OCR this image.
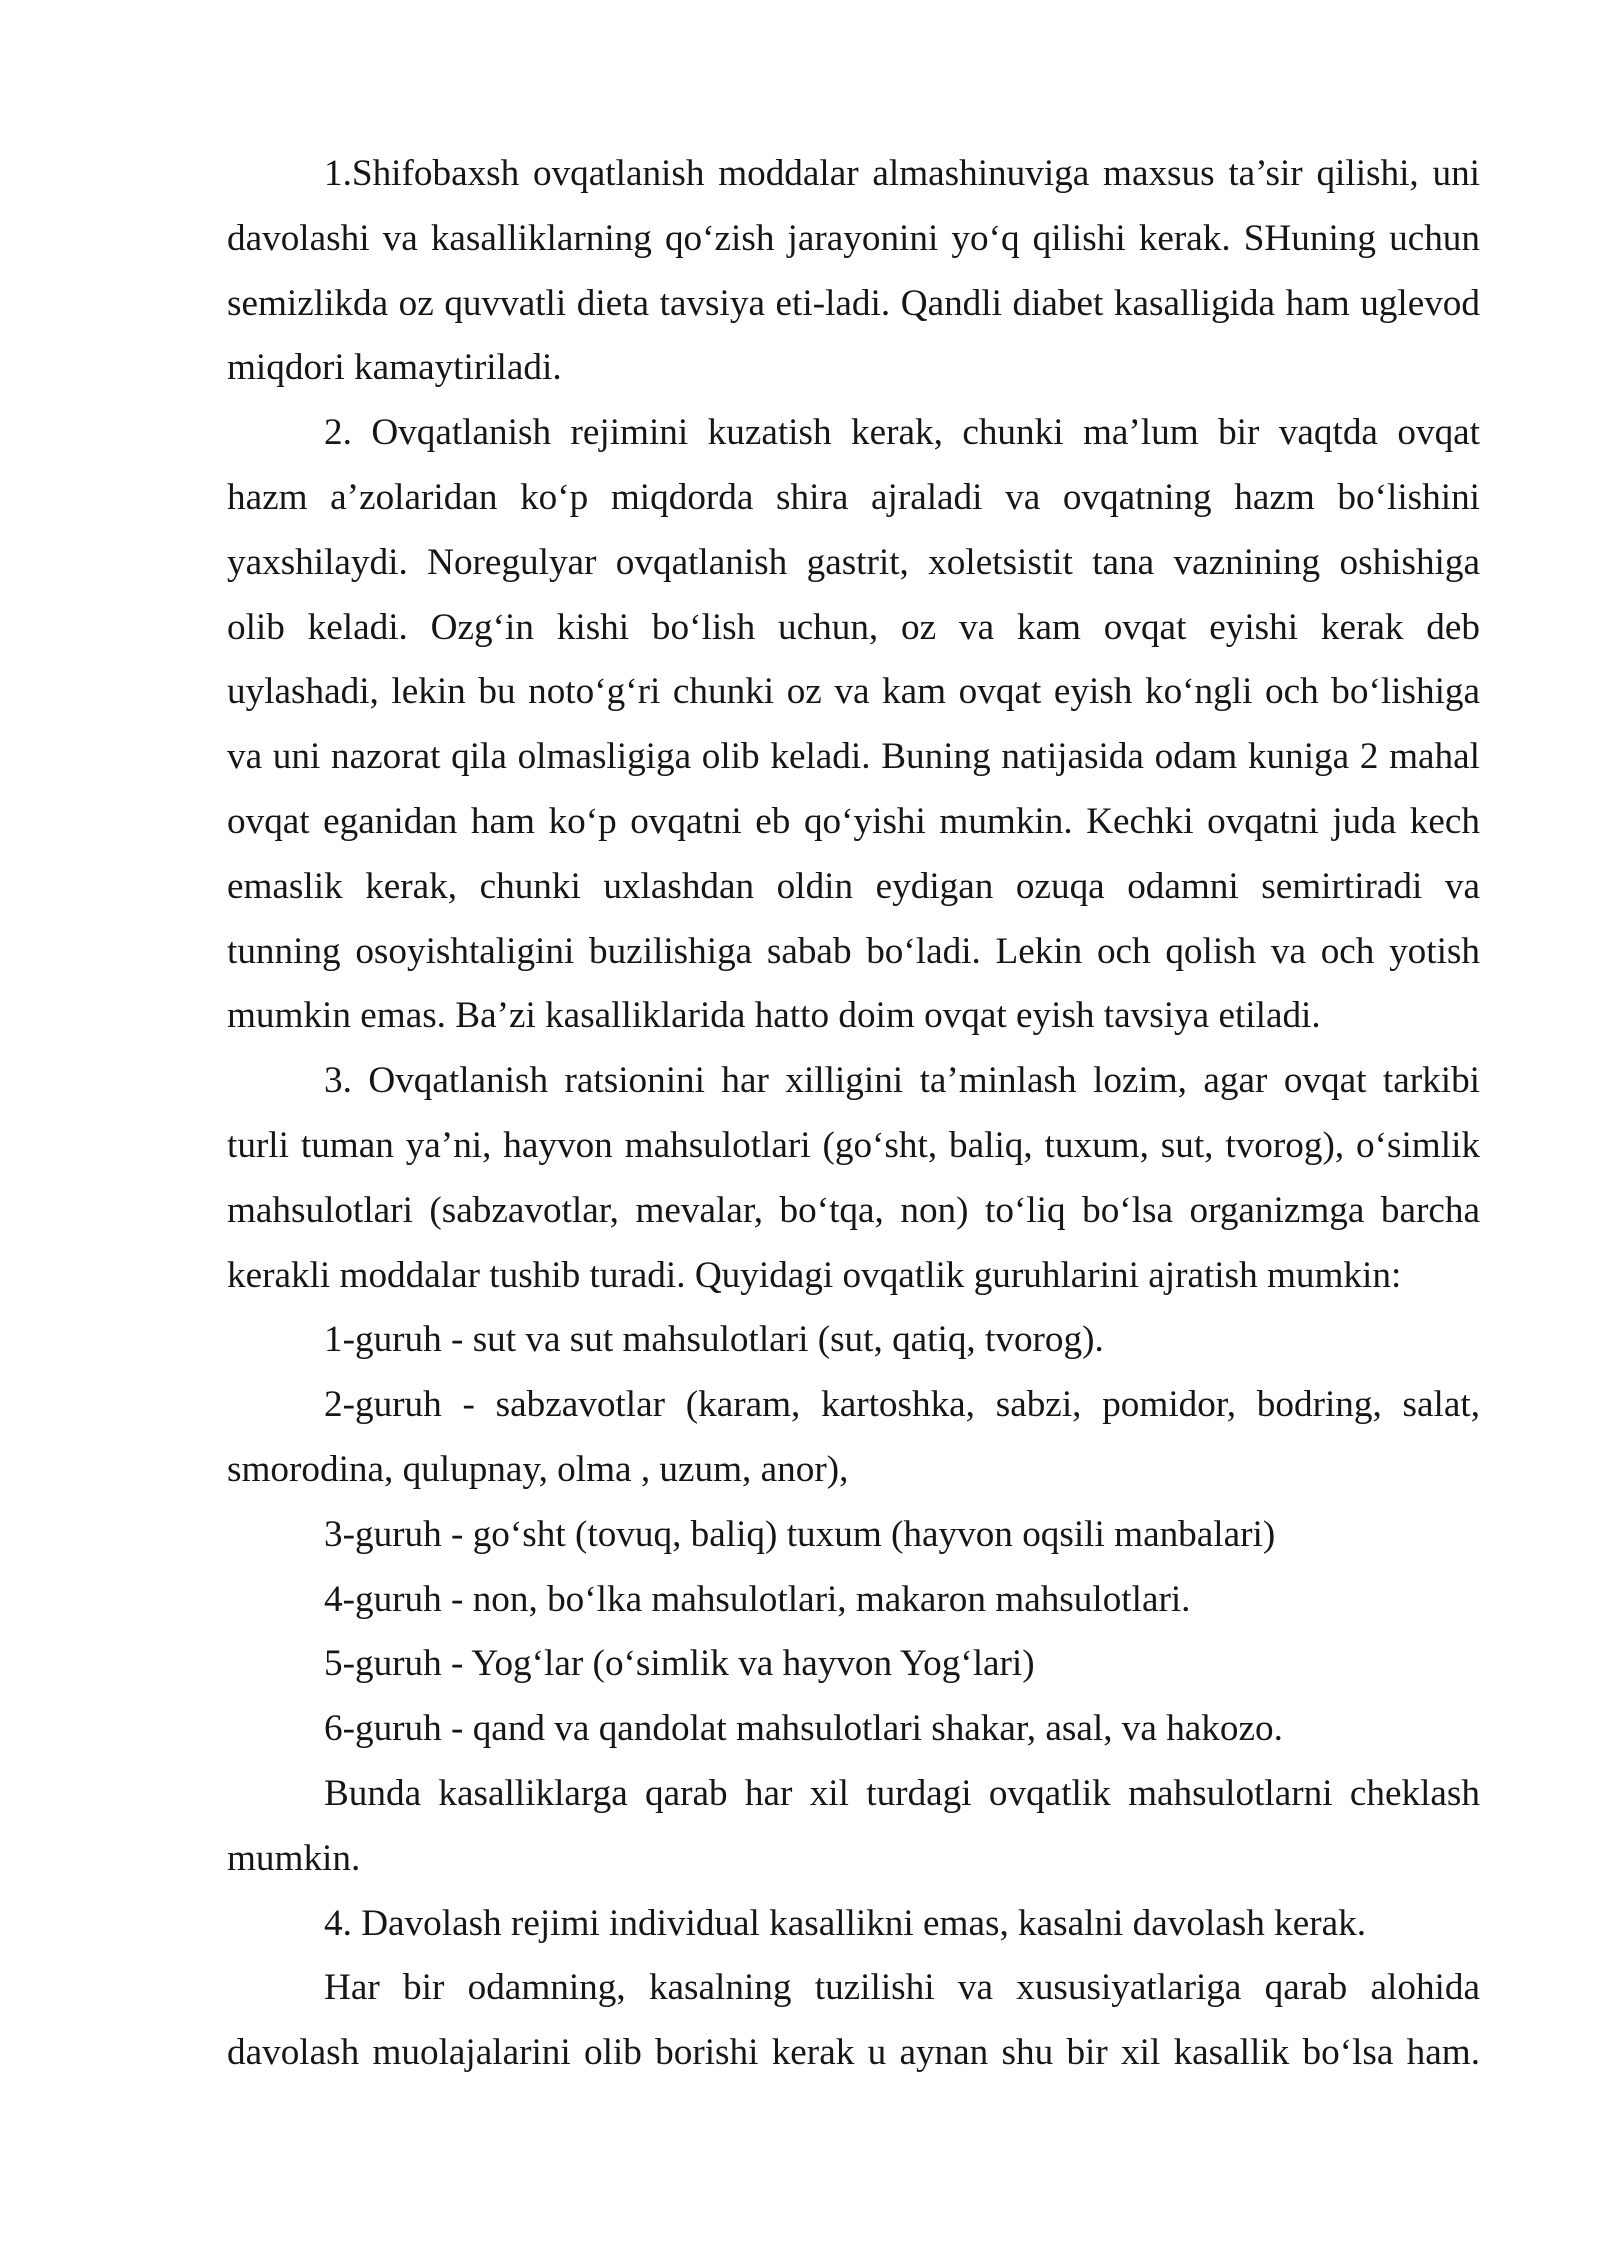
1.Shifobaxsh ovqatlanish moddalar almashinuviga maxsus ta’sir qilishi, uni
davolashi va kasalliklarning qo‘zish jarayonini yo‘q qilishi kerak. SHuning uchun
semizlikda oz quvvatli dieta tavsiya eti-ladi. Qandli diabet kasalligida ham uglevod
miqdori kamaytiriladi.
2. Ovqatlanish rejimini kuzatish kerak, chunki ma’lum bir vaqtda ovqat
hazm a’zolaridan ko‘p miqdorda shira ajraladi va ovqatning hazm bo‘lishini
yaxshilaydi. Noregulyar ovqatlanish gastrit, xoletsistit tana vaznining oshishiga
olib keladi. Ozg‘in kishi bo‘lish uchun, oz va kam ovqat eyishi kerak deb
uylashadi, lekin bu noto‘g‘ri chunki oz va kam ovqat eyish ko‘ngli och bo‘lishiga
va uni nazorat qila olmasligiga olib keladi. Buning natijasida odam kuniga 2 mahal
ovqat eganidan ham ko‘p ovqatni eb qo‘yishi mumkin. Kechki ovqatni juda kech
emaslik kerak, chunki uxlashdan oldin eydigan ozuqa odamni semirtiradi va
tunning osoyishtaligini buzilishiga sabab bo‘ladi. Lekin och qolish va och yotish
mumkin emas. Ba’zi kasalliklarida hatto doim ovqat eyish tavsiya etiladi.
3. Ovqatlanish ratsionini har xilligini ta’minlash lozim, agar ovqat tarkibi
turli tuman ya’ni, hayvon mahsulotlari (go‘sht, baliq, tuxum, sut, tvorog), o‘simlik
mahsulotlari (sabzavotlar, mevalar, bo‘tqa, non) to‘liq bo‘lsa organizmga barcha
kerakli moddalar tushib turadi. Quyidagi ovqatlik guruhlarini ajratish mumkin:
1-guruh - sut va sut mahsulotlari (sut, qatiq, tvorog).
2-guruh - sabzavotlar (karam, kartoshka, sabzi, pomidor, bodring, salat,
smorodina, qulupnay, olma , uzum, anor),
3-guruh - go‘sht (tovuq, baliq) tuxum (hayvon oqsili manbalari)
4-guruh - non, bo‘lka mahsulotlari, makaron mahsulotlari.
5-guruh - Yog‘lar (o‘simlik va hayvon Yog‘lari)
6-guruh - qand va qandolat mahsulotlari shakar, asal, va hakozo.
Bunda kasalliklarga qarab har xil turdagi ovqatlik mahsulotlarni cheklash
mumkin.
4. Davolash rejimi individual kasallikni emas, kasalni davolash kerak.
Har bir odamning, kasalning tuzilishi va xususiyatlariga qarab alohida
davolash muolajalarini olib borishi kerak u aynan shu bir xil kasallik bo‘lsa ham.
